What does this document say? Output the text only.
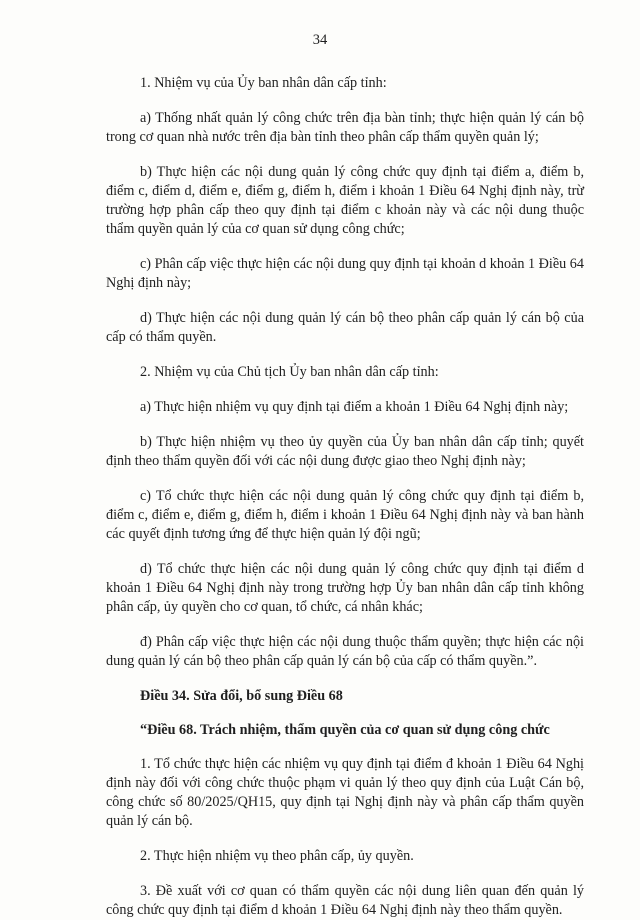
34

1. Nhiệm vụ của Ủy ban nhân dân cấp tỉnh:

a) Thống nhất quản lý công chức trên địa bàn tỉnh; thực hiện quản lý cán bộ trong cơ quan nhà nước trên địa bàn tỉnh theo phân cấp thẩm quyền quản lý;

b) Thực hiện các nội dung quản lý công chức quy định tại điểm a, điểm b, điểm c, điểm d, điểm e, điểm g, điểm h, điểm i khoản 1 Điều 64 Nghị định này, trừ trường hợp phân cấp theo quy định tại điểm c khoản này và các nội dung thuộc thẩm quyền quản lý của cơ quan sử dụng công chức;

c) Phân cấp việc thực hiện các nội dung quy định tại khoản d khoản 1 Điều 64 Nghị định này;

d) Thực hiện các nội dung quản lý cán bộ theo phân cấp quản lý cán bộ của cấp có thẩm quyền.

2. Nhiệm vụ của Chủ tịch Ủy ban nhân dân cấp tỉnh:

a) Thực hiện nhiệm vụ quy định tại điểm a khoản 1 Điều 64 Nghị định này;

b) Thực hiện nhiệm vụ theo ủy quyền của Ủy ban nhân dân cấp tỉnh; quyết định theo thẩm quyền đối với các nội dung được giao theo Nghị định này;

c) Tổ chức thực hiện các nội dung quản lý công chức quy định tại điểm b, điểm c, điểm e, điểm g, điểm h, điểm i khoản 1 Điều 64 Nghị định này và ban hành các quyết định tương ứng để thực hiện quản lý đội ngũ;

d) Tổ chức thực hiện các nội dung quản lý công chức quy định tại điểm d khoản 1 Điều 64 Nghị định này trong trường hợp Ủy ban nhân dân cấp tỉnh không phân cấp, ủy quyền cho cơ quan, tổ chức, cá nhân khác;

đ) Phân cấp việc thực hiện các nội dung thuộc thẩm quyền; thực hiện các nội dung quản lý cán bộ theo phân cấp quản lý cán bộ của cấp có thẩm quyền.”.

Điều 34. Sửa đổi, bổ sung Điều 68

“Điều 68. Trách nhiệm, thẩm quyền của cơ quan sử dụng công chức

1. Tổ chức thực hiện các nhiệm vụ quy định tại điểm đ khoản 1 Điều 64 Nghị định này đối với công chức thuộc phạm vi quản lý theo quy định của Luật Cán bộ, công chức số 80/2025/QH15, quy định tại Nghị định này và phân cấp thẩm quyền quản lý cán bộ.

2. Thực hiện nhiệm vụ theo phân cấp, ủy quyền.

3. Đề xuất với cơ quan có thẩm quyền các nội dung liên quan đến quản lý công chức quy định tại điểm d khoản 1 Điều 64 Nghị định này theo thẩm quyền.
